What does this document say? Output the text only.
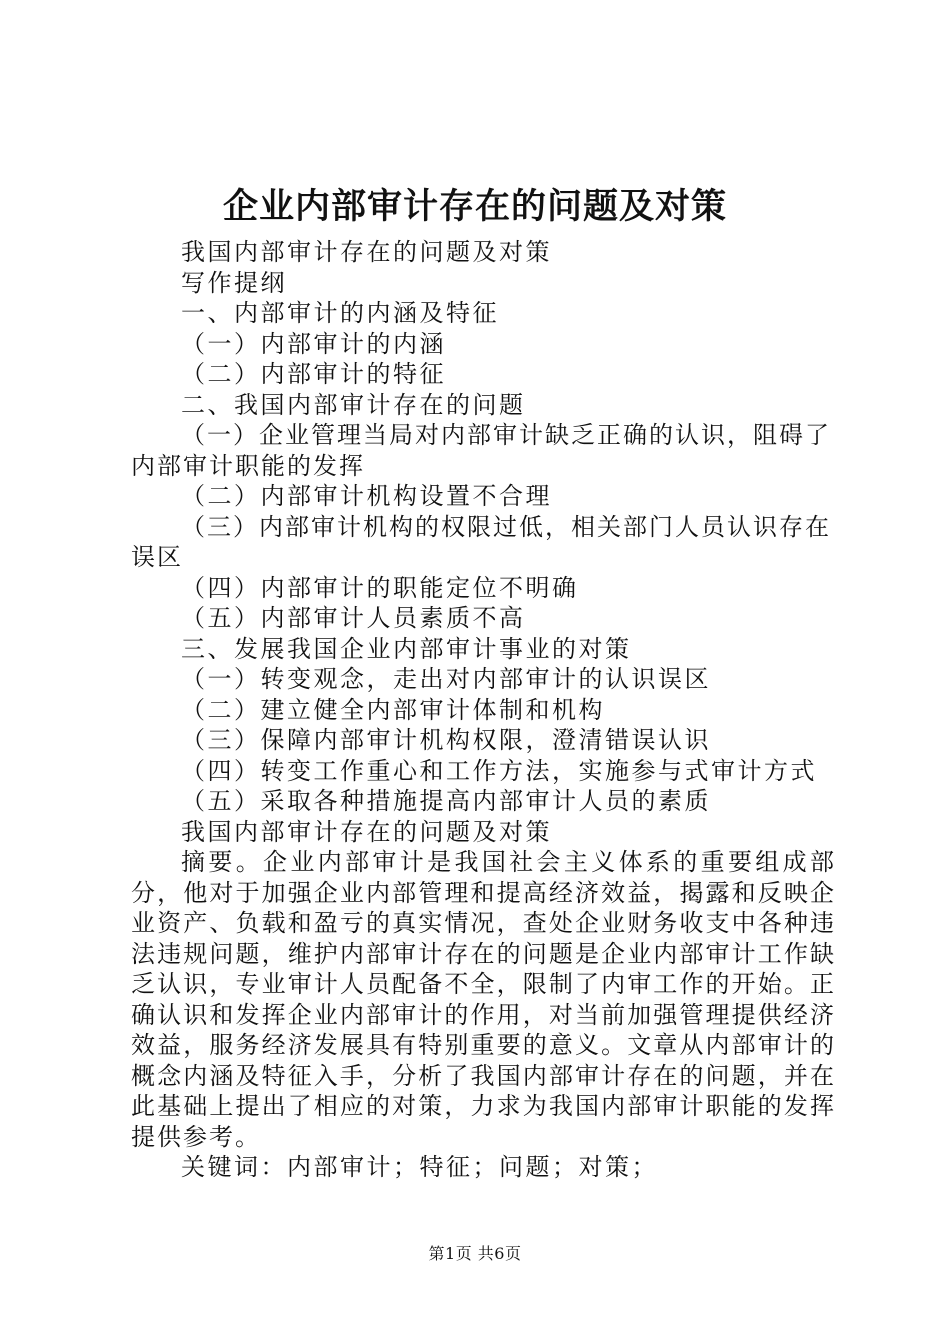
企业内部审计存在的问题及对策

我国内部审计存在的问题及对策

写作提纲

一、内部审计的内涵及特征

（一）内部审计的内涵

（二）内部审计的特征

二、我国内部审计存在的问题

（一）企业管理当局对内部审计缺乏正确的认识，阻碍了内部审计职能的发挥

（二）内部审计机构设置不合理

（三）内部审计机构的权限过低，相关部门人员认识存在误区

（四）内部审计的职能定位不明确

（五）内部审计人员素质不高

三、发展我国企业内部审计事业的对策

（一）转变观念，走出对内部审计的认识误区

（二）建立健全内部审计体制和机构

（三）保障内部审计机构权限，澄清错误认识

（四）转变工作重心和工作方法，实施参与式审计方式

（五）采取各种措施提高内部审计人员的素质

我国内部审计存在的问题及对策

摘要。企业内部审计是我国社会主义体系的重要组成部分，他对于加强企业内部管理和提高经济效益，揭露和反映企业资产、负载和盈亏的真实情况，查处企业财务收支中各种违法违规问题，维护内部审计存在的问题是企业内部审计工作缺乏认识，专业审计人员配备不全，限制了内审工作的开始。正确认识和发挥企业内部审计的作用，对当前加强管理提供经济效益，服务经济发展具有特别重要的意义。文章从内部审计的概念内涵及特征入手，分析了我国内部审计存在的问题，并在此基础上提出了相应的对策，力求为我国内部审计职能的发挥提供参考。

关键词：内部审计；特征；问题；对策；

第1页 共6页
